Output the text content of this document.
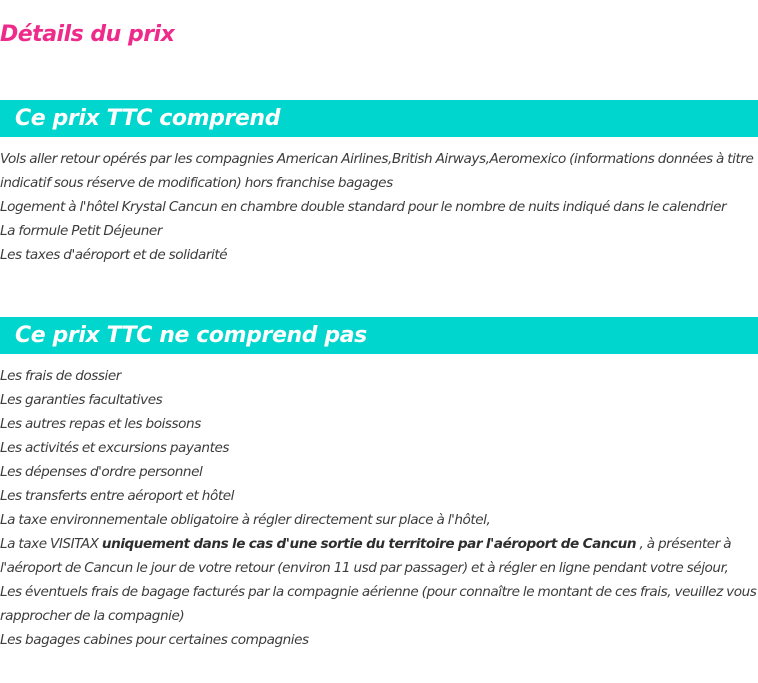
Détails du prix
Ce prix TTC comprend
Vols aller retour opérés par les compagnies American Airlines,British Airways,Aeromexico (informations données à titre indicatif sous réserve de modification) hors franchise bagages
Logement à l'hôtel Krystal Cancun en chambre double standard pour le nombre de nuits indiqué dans le calendrier
La formule Petit Déjeuner
Les taxes d'aéroport et de solidarité
Ce prix TTC ne comprend pas
Les frais de dossier
Les garanties facultatives
Les autres repas et les boissons
Les activités et excursions payantes
Les dépenses d'ordre personnel
Les transferts entre aéroport et hôtel
La taxe environnementale obligatoire à régler directement sur place à l'hôtel,
La taxe VISITAX uniquement dans le cas d'une sortie du territoire par l'aéroport de Cancun , à présenter à l'aéroport de Cancun le jour de votre retour (environ 11 usd par passager) et à régler en ligne pendant votre séjour,
Les éventuels frais de bagage facturés par la compagnie aérienne (pour connaître le montant de ces frais, veuillez vous rapprocher de la compagnie)
Les bagages cabines pour certaines compagnies
